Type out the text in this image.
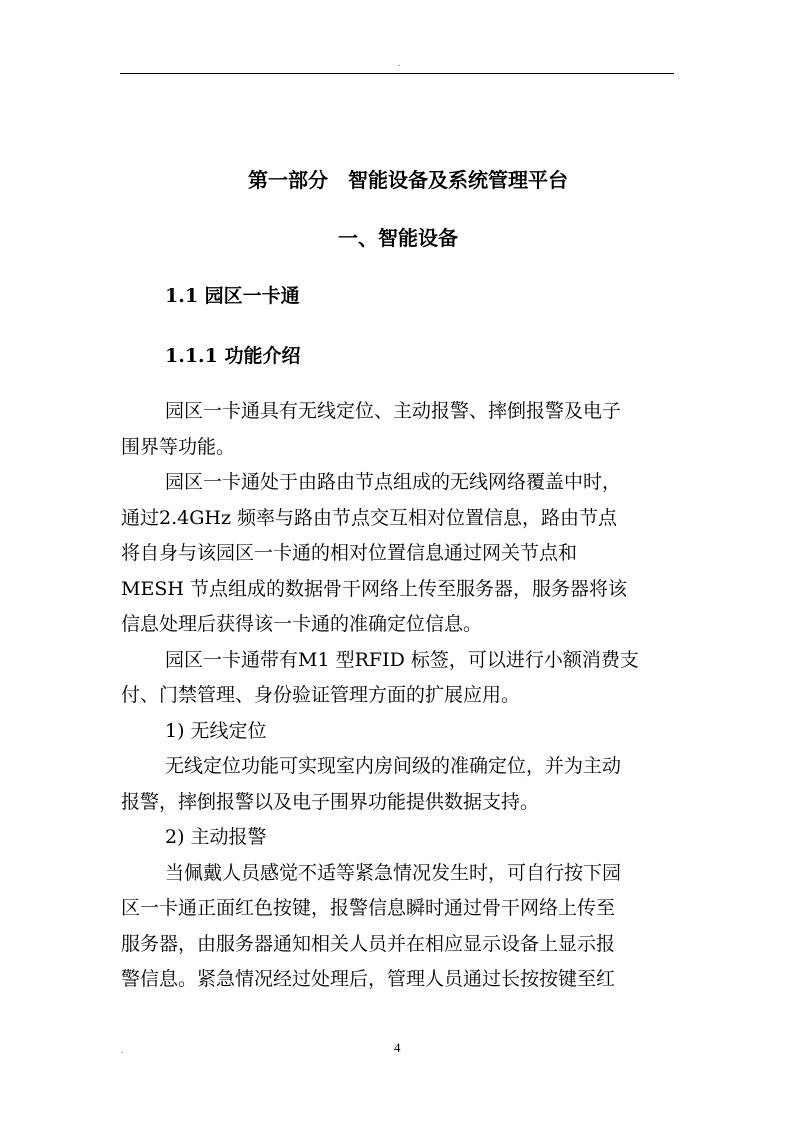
.
第一部分　智能设备及系统管理平台
一、智能设备
1.1 园区一卡通
1.1.1 功能介绍

园区一卡通具有无线定位、主动报警、摔倒报警及电子
围界等功能。

园区一卡通处于由路由节点组成的无线网络覆盖中时，
通过2.4GHz 频率与路由节点交互相对位置信息，路由节点
将自身与该园区一卡通的相对位置信息通过网关节点和
MESH 节点组成的数据骨干网络上传至服务器，服务器将该
信息处理后获得该一卡通的准确定位信息。

园区一卡通带有M1 型RFID 标签，可以进行小额消费支
付、门禁管理、身份验证管理方面的扩展应用。

1) 无线定位

无线定位功能可实现室内房间级的准确定位，并为主动
报警，摔倒报警以及电子围界功能提供数据支持。

2) 主动报警

当佩戴人员感觉不适等紧急情况发生时，可自行按下园
区一卡通正面红色按键，报警信息瞬时通过骨干网络上传至
服务器，由服务器通知相关人员并在相应显示设备上显示报
警信息。紧急情况经过处理后，管理人员通过长按按键至红

.	4
